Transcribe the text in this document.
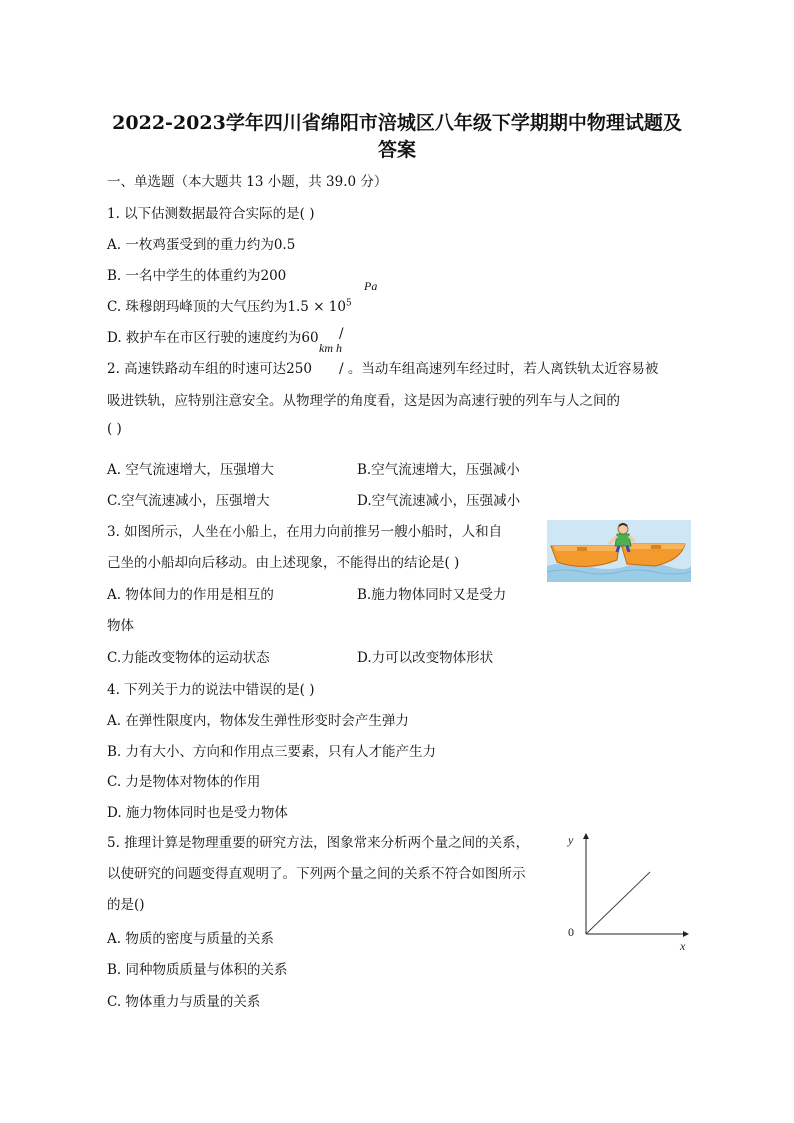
2022-2023学年四川省绵阳市涪城区八年级下学期期中物理试题及
答案
一、单选题（本大题共 13 小题，共 39.0 分）
1. 以下估测数据最符合实际的是( )
A. 一枚鸡蛋受到的重力约为0.5
B. 一名中学生的体重约为200
Pa
C. 珠穆朗玛峰顶的大气压约为$1.5 \times 10^5$
D. 救护车在市区行驶的速度约为60 /
km h
2. 高速铁路动车组的时速可达250 / 。当动车组高速列车经过时，若人离铁轨太近容易被
吸进铁轨，应特别注意安全。从物理学的角度看，这是因为高速行驶的列车与人之间的
( )
A. 空气流速增大，压强增大	B.空气流速增大，压强减小
C.空气流速减小，压强增大	D.空气流速减小，压强减小
3. 如图所示，人坐在小船上，在用力向前推另一艘小船时，人和自
己坐的小船却向后移动。由上述现象，不能得出的结论是( )
A. 物体间力的作用是相互的	B.施力物体同时又是受力
物体
C.力能改变物体的运动状态	D.力可以改变物体形状
4. 下列关于力的说法中错误的是( )
A. 在弹性限度内，物体发生弹性形变时会产生弹力
B. 力有大小、方向和作用点三要素，只有人才能产生力
C. 力是物体对物体的作用
D. 施力物体同时也是受力物体
5. 推理计算是物理重要的研究方法，图象常来分析两个量之间的关系，
以使研究的问题变得直观明了。下列两个量之间的关系不符合如图所示
的是()
A. 物质的密度与质量的关系
B. 同种物质质量与体积的关系
C. 物体重力与质量的关系
y
x
0
